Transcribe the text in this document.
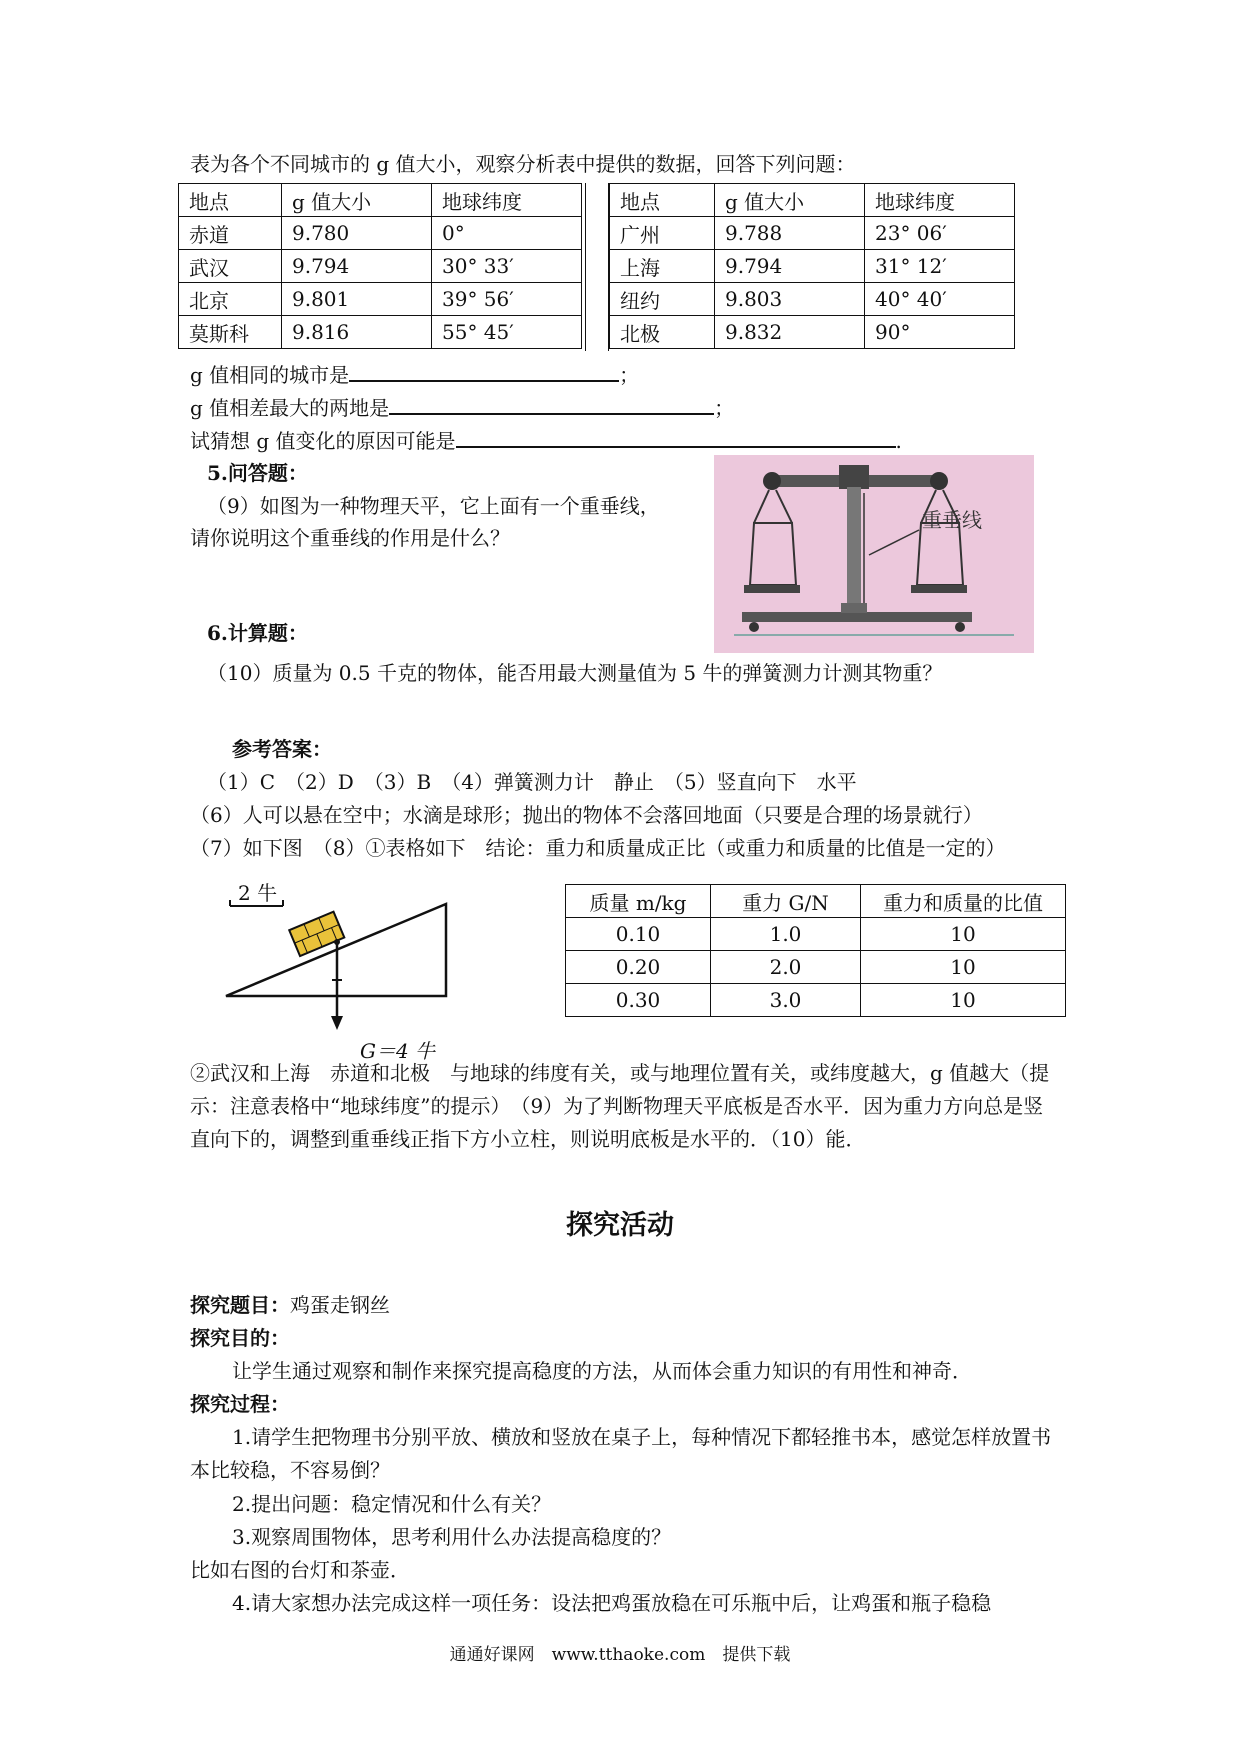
表为各个不同城市的 g 值大小，观察分析表中提供的数据，回答下列问题：
地点	g 值大小	地球纬度
赤道	9.780	0°
武汉	9.794	30° 33′
北京	9.801	39° 56′
莫斯科	9.816	55° 45′
地点	g 值大小	地球纬度
广州	9.788	23° 06′
上海	9.794	31° 12′
纽约	9.803	40° 40′
北极	9.832	90°
g 值相同的城市是	；
g 值相差最大的两地是	；
试猜想 g 值变化的原因可能是	.
5.问答题：
（9）如图为一种物理天平，它上面有一个重垂线，
请你说明这个重垂线的作用是什么？
重垂线
6.计算题：
（10）质量为 0.5 千克的物体，能否用最大测量值为 5 牛的弹簧测力计测其物重？
参考答案：
（1）C　（2）D　（3）B　（4）弹簧测力计　静止　（5）竖直向下　水平
（6）人可以悬在空中；水滴是球形；抛出的物体不会落回地面（只要是合理的场景就行）
（7）如下图　（8）①表格如下　结论：重力和质量成正比（或重力和质量的比值是一定的）
2 牛
G＝4 牛
质量 m/kg	重力 G/N	重力和质量的比值
0.10	1.0	10
0.20	2.0	10
0.30	3.0	10
②武汉和上海　赤道和北极　与地球的纬度有关，或与地理位置有关，或纬度越大，g 值越大（提示：注意表格中“地球纬度”的提示）　（9）为了判断物理天平底板是否水平．因为重力方向总是竖直向下的，调整到重垂线正指下方小立柱，则说明底板是水平的．（10）能．
探究活动
探究题目：鸡蛋走钢丝
探究目的：
让学生通过观察和制作来探究提高稳度的方法，从而体会重力知识的有用性和神奇．
探究过程：
1.请学生把物理书分别平放、横放和竖放在桌子上，每种情况下都轻推书本，感觉怎样放置书本比较稳，不容易倒？
2.提出问题：稳定情况和什么有关？
3.观察周围物体，思考利用什么办法提高稳度的？
比如右图的台灯和茶壶．
4.请大家想办法完成这样一项任务：设法把鸡蛋放稳在可乐瓶中后，让鸡蛋和瓶子稳稳
通通好课网　www.tthaoke.com　提供下载
